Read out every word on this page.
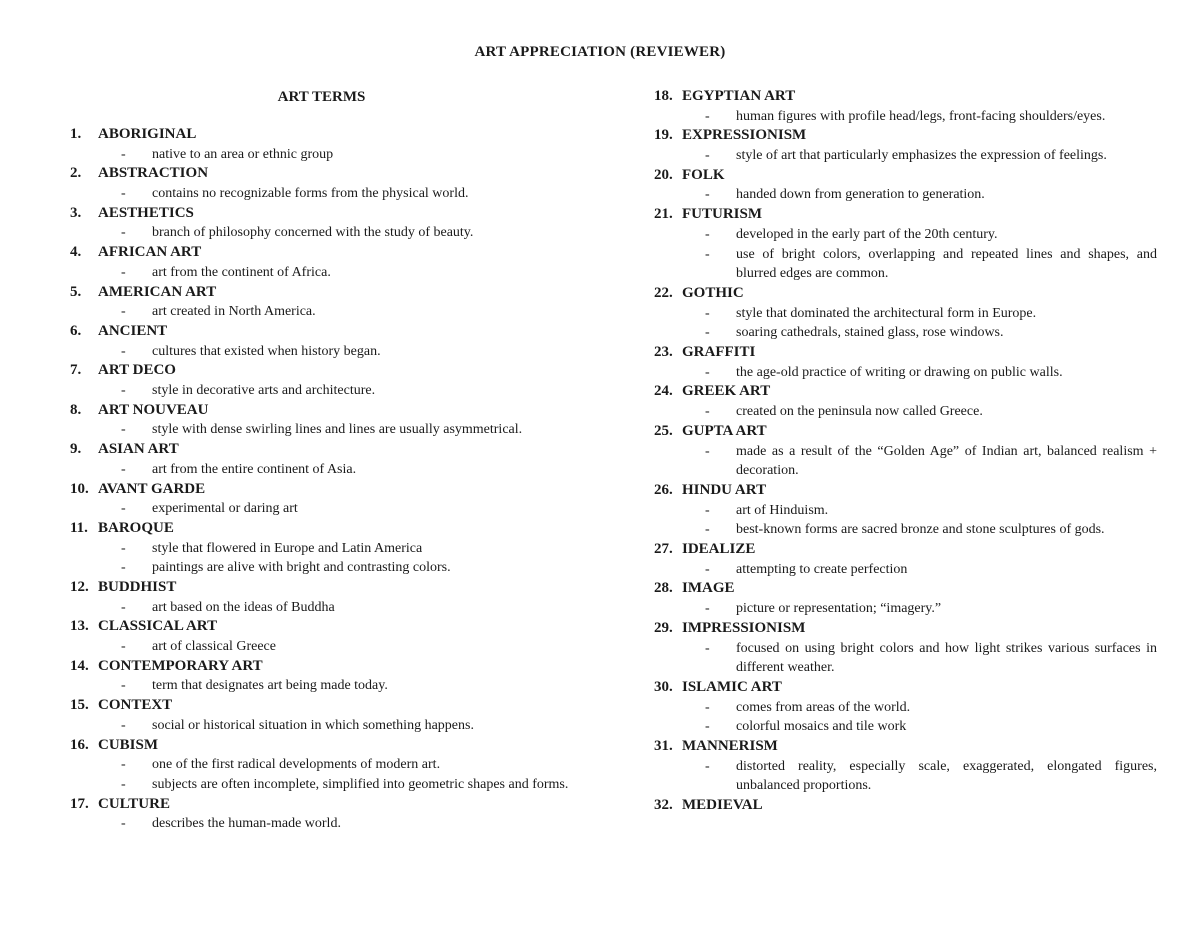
ART APPRECIATION (REVIEWER)
ART TERMS
1.	ABORIGINAL
-	native to an area or ethnic group
2.	ABSTRACTION
-	contains no recognizable forms from the physical world.
3.	AESTHETICS
-	branch of philosophy concerned with the study of beauty.
4.	AFRICAN ART
-	art from the continent of Africa.
5.	AMERICAN ART
-	art created in North America.
6.	ANCIENT
-	cultures that existed when history began.
7.	ART DECO
-	style in decorative arts and architecture.
8.	ART NOUVEAU
-	style with dense swirling lines and lines are usually asymmetrical.
9.	ASIAN ART
-	art from the entire continent of Asia.
10. AVANT GARDE
-	experimental or daring art
11. BAROQUE
-	style that flowered in Europe and Latin America
-	paintings are alive with bright and contrasting colors.
12. BUDDHIST
-	art based on the ideas of Buddha
13. CLASSICAL ART
-	art of classical Greece
14. CONTEMPORARY ART
-	term that designates art being made today.
15. CONTEXT
-	social or historical situation in which something happens.
16. CUBISM
-	one of the first radical developments of modern art.
-	subjects are often incomplete, simplified into geometric shapes and forms.
17. CULTURE
-	describes the human-made world.
18. EGYPTIAN ART
-	human figures with profile head/legs, front-facing shoulders/eyes.
19. EXPRESSIONISM
-	style of art that particularly emphasizes the expression of feelings.
20. FOLK
-	handed down from generation to generation.
21. FUTURISM
-	developed in the early part of the 20th century.
-	use of bright colors, overlapping and repeated lines and shapes, and blurred edges are common.
22. GOTHIC
-	style that dominated the architectural form in Europe.
-	soaring cathedrals, stained glass, rose windows.
23. GRAFFITI
-	the age-old practice of writing or drawing on public walls.
24. GREEK ART
-	created on the peninsula now called Greece.
25. GUPTA ART
-	made as a result of the “Golden Age” of Indian art, balanced realism + decoration.
26. HINDU ART
-	art of Hinduism.
-	best-known forms are sacred bronze and stone sculptures of gods.
27. IDEALIZE
-	attempting to create perfection
28. IMAGE
-	picture or representation; “imagery.”
29. IMPRESSIONISM
-	focused on using bright colors and how light strikes various surfaces in different weather.
30. ISLAMIC ART
-	comes from areas of the world.
-	colorful mosaics and tile work
31. MANNERISM
-	distorted reality, especially scale, exaggerated, elongated figures, unbalanced proportions.
32. MEDIEVAL
